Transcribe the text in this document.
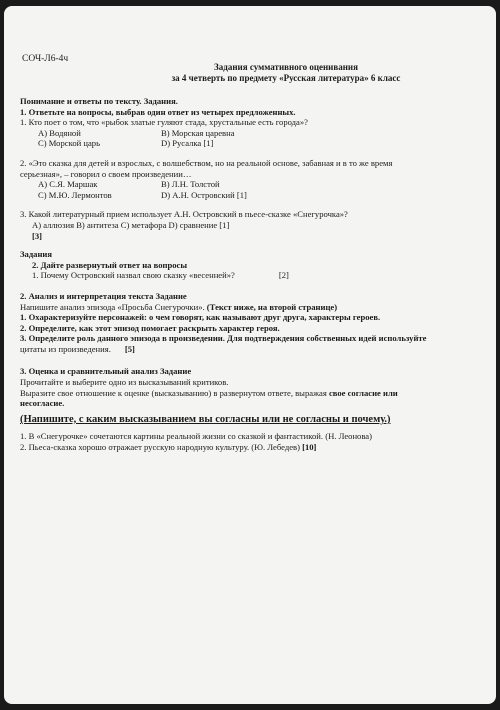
СОЧ-Л6-4ч
Задания суммативного оценивания
за 4 четверть по предмету «Русская литература» 6 класс

Понимание и ответы по тексту. Задания.

1. Ответьте на вопросы, выбрав один ответ из четырех предложенных.

1. Кто поет о том, что «рыбок златые гуляют стада, хрустальные есть города»?

А) Водяной	В) Морская царевна
С) Морской царь	D) Русалка [1]

2. «Это сказка для детей и взрослых, с волшебством, но на реальной основе, забавная и в то же время

серьезная», – говорил о своем произведении…

А) С.Я. Маршак	В) Л.Н. Толстой
С) М.Ю. Лермонтов	D) А.Н. Островский [1]

3. Какой литературный прием использует А.Н. Островский в пьесе-сказке «Снегурочка»?

А) аллюзия В) антитеза С) метафора D) сравнение [1]

[3]

Задания

2. Дайте развернутый ответ на вопросы

1. Почему Островский назвал свою сказку «весенней»?	[2]

2. Анализ и интерпретация текста Задание

Напишите анализ эпизода «Просьба Снегурочки». (Текст ниже, на второй странице)

1. Охарактеризуйте персонажей: о чем говорят, как называют друг друга, характеры героев.

2. Определите, как этот эпизод помогает раскрыть характер героя.

3. Определите роль данного эпизода в произведении. Для подтверждения собственных идей используйте

цитаты из произведения. [5]

3. Оценка и сравнительный анализ Задание

Прочитайте и выберите одно из высказываний критиков.

Выразите свое отношение к оценке (высказыванию) в развернутом ответе, выражая свое согласие или

несогласие.

(Напишите, с каким высказыванием вы согласны или не согласны и почему.)

1. В «Снегурочке» сочетаются картины реальной жизни со сказкой и фантастикой. (Н. Леонова)

2. Пьеса-сказка хорошо отражает русскую народную культуру. (Ю. Лебедев) [10]
